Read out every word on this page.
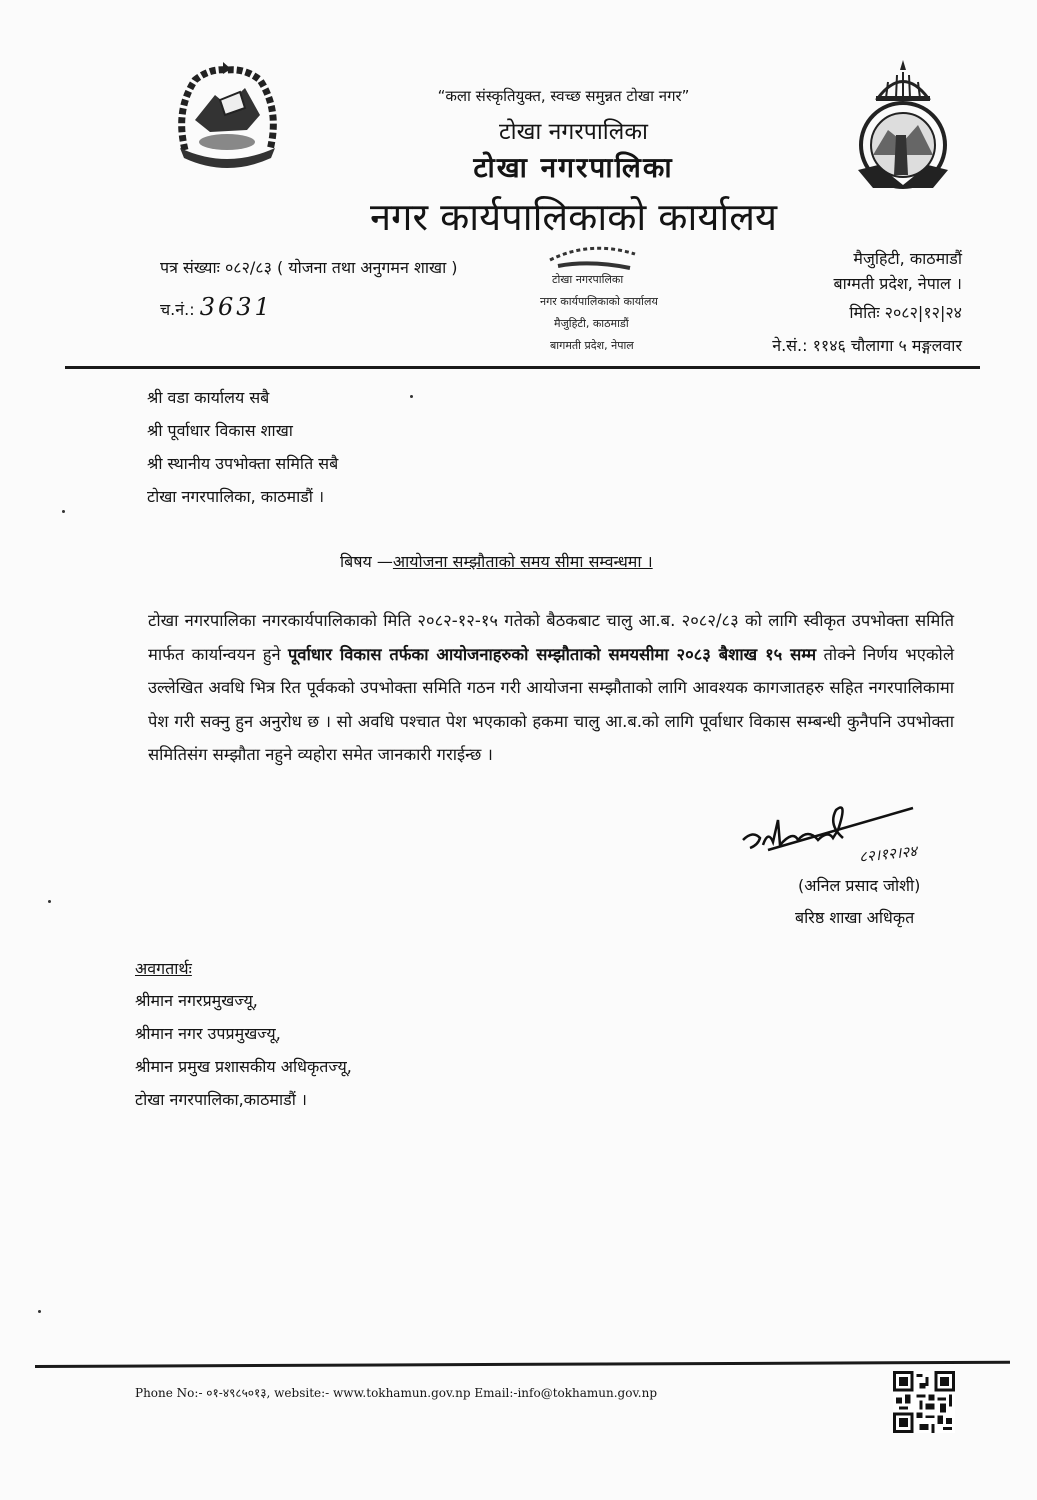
“कला संस्कृतियुक्त, स्वच्छ समुन्नत टोखा नगर”
टोखा नगरपालिका
टोखा नगरपालिका
नगर कार्यपालिकाको कार्यालय
पत्र संख्याः ०८२/८३ ( योजना तथा अनुगमन शाखा )
च.नं.: 3631
टोखा नगरपालिका
नगर कार्यपालिकाको कार्यालय
मैजुहिटी, काठमाडौं
बागमती प्रदेश, नेपाल
मैजुहिटी, काठमाडौं
बाग्मती प्रदेश, नेपाल ।
मितिः २०८२|१२|२४
ने.सं.: ११४६ चौलागा ५ मङ्गलवार
श्री वडा कार्यालय सबै
श्री पूर्वाधार विकास शाखा
श्री स्थानीय उपभोक्ता समिति सबै
टोखा नगरपालिका, काठमाडौं ।
बिषय —आयोजना सम्झौताको समय सीमा सम्वन्धमा ।
टोखा नगरपालिका नगरकार्यपालिकाको मिति २०८२-१२-१५ गतेको बैठकबाट चालु आ.ब. २०८२/८३ को लागि स्वीकृत उपभोक्ता समिति मार्फत कार्यान्वयन हुने पूर्वाधार विकास तर्फका आयोजनाहरुको सम्झौताको समयसीमा २०८३ बैशाख १५ सम्म तोक्ने निर्णय भएकोले उल्लेखित अवधि भित्र रित पूर्वकको उपभोक्ता समिति गठन गरी आयोजना सम्झौताको लागि आवश्यक कागजातहरु सहित नगरपालिकामा पेश गरी सक्नु हुन अनुरोध छ । सो अवधि पश्चात पेश भएकाको हकमा चालु आ.ब.को लागि पूर्वाधार विकास सम्बन्धी कुनैपनि उपभोक्ता समितिसंग सम्झौता नहुने व्यहोरा समेत जानकारी गराईन्छ ।
८२।१२।२४
(अनिल प्रसाद जोशी)
बरिष्ठ शाखा अधिकृत
अवगतार्थः
श्रीमान नगरप्रमुखज्यू,
श्रीमान नगर उपप्रमुखज्यू,
श्रीमान प्रमुख प्रशासकीय अधिकृतज्यू,
टोखा नगरपालिका,काठमाडौं ।
Phone No:- ०१-४९८५०१३, website:- www.tokhamun.gov.np Email:-info@tokhamun.gov.np
